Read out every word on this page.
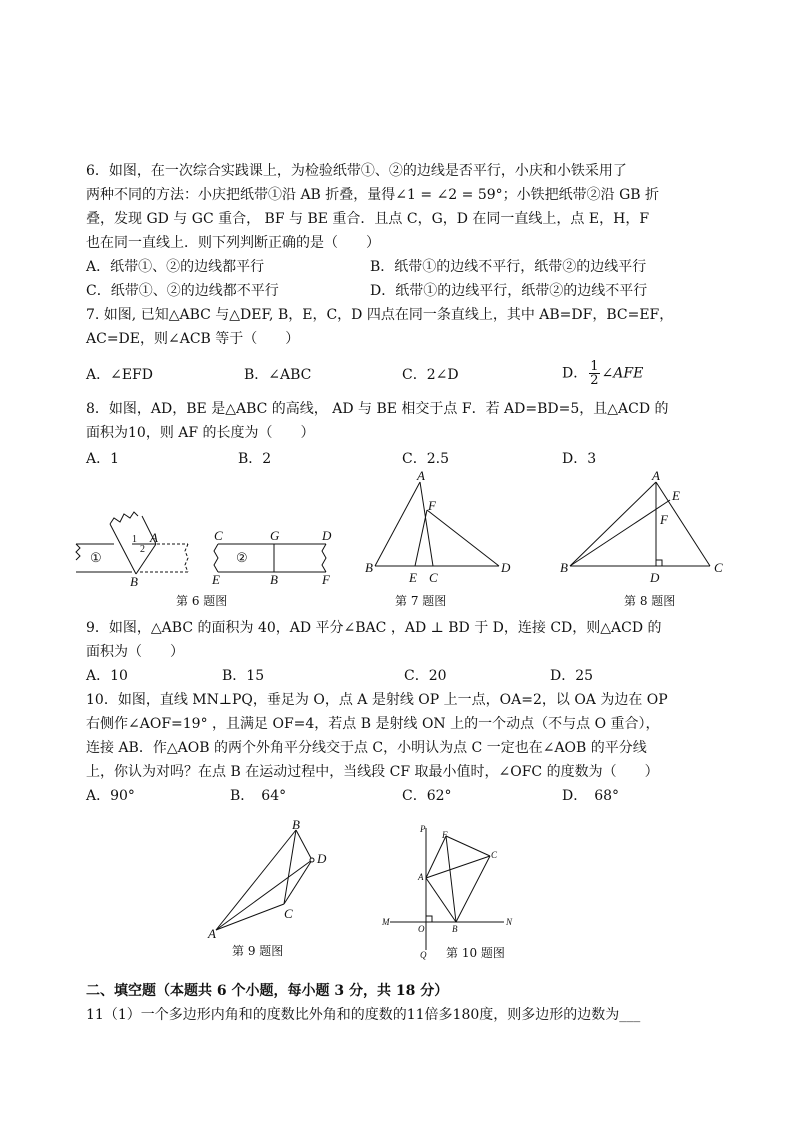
6．如图，在一次综合实践课上，为检验纸带①、②的边线是否平行，小庆和小铁采用了
两种不同的方法：小庆把纸带①沿 AB 折叠，量得∠1 = ∠2 = 59°；小铁把纸带②沿 GB 折
叠，发现 GD 与 GC 重合， BF 与 BE 重合．且点 C，G，D 在同一直线上，点 E，H，F
也在同一直线上．则下列判断正确的是（　　）
A．纸带①、②的边线都平行	B．纸带①的边线不平行，纸带②的边线平行
C．纸带①、②的边线都不平行	D．纸带①的边线平行，纸带②的边线不平行
7. 如图, 已知△ABC 与△DEF, B，E，C，D 四点在同一条直线上，其中 AB=DF，BC=EF，
AC=DE，则∠ACB 等于（　　）
A．∠EFD	B．∠ABC	C．2∠D	D． $\frac{1}{2}$ ∠AFE
8．如图，AD，BE 是△ABC 的高线， AD 与 BE 相交于点 F．若 AD=BD=5，且△ACD 的
面积为10，则 AF 的长度为（　　）
A．1	B．2	C．2.5	D．3
①	②
1
2
A
B
C	G	D
E	B	F
第 6 题图
A
F
B
E C
D
第 7 题图
A
E
F
B
D
C
第 8 题图
9．如图，△ABC 的面积为 40，AD 平分∠BAC ，AD ⊥ BD 于 D，连接 CD，则△ACD 的
面积为（　　）
A．10	B．15	C．20	D．25
10．如图，直线 MN⊥PQ，垂足为 O，点 A 是射线 OP 上一点，OA=2，以 OA 为边在 OP
右侧作∠AOF=19° ，且满足 OF=4，若点 B 是射线 ON 上的一个动点（不与点 O 重合），
连接 AB．作△AOB 的两个外角平分线交于点 C，小明认为点 C 一定也在∠AOB 的平分线
上，你认为对吗？在点 B 在运动过程中，当线段 CF 取最小值时，∠OFC 的度数为（　　）
A．90°	B．　64°	C．62°	D．　68°
B
D
C
A
第 9 题图
P
F
C
A
M
O	B
N
Q 第 10 题图
二、填空题（本题共 6 个小题，每小题 3 分，共 18 分）
11（1）一个多边形内角和的度数比外角和的度数的11倍多180度，则多边形的边数为___
